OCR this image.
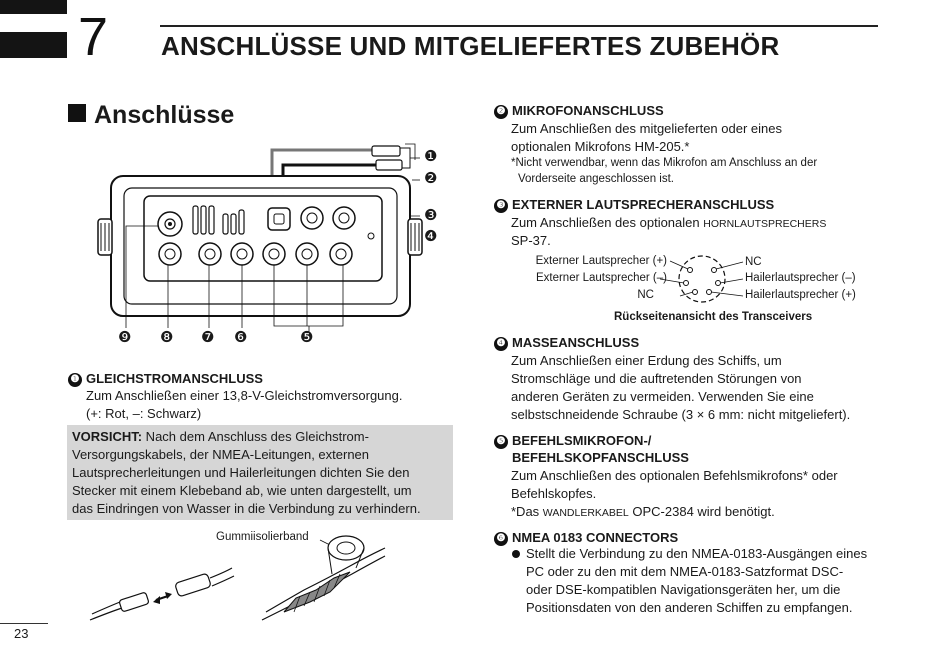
7 ANSCHLÜSSE UND MITGELIEFERTES ZUBEHÖR
Anschlüsse
❶
❷
❸
❹
❾ ❽ ❼ ❻	❺
❶ GLEICHSTROMANSCHLUSS
Zum Anschließen einer 13,8-V-Gleichstromversorgung.
(+: Rot, –: Schwarz)
VORSICHT: Nach dem Anschluss des Gleichstrom-
Versorgungskabels, der NMEA-Leitungen, externen
Lautsprecherleitungen und Hailerleitungen dichten Sie den
Stecker mit einem Klebeband ab, wie unten dargestellt, um
das Eindringen von Wasser in die Verbindung zu verhindern.
Gummiisolierband
❷ MIKROFONANSCHLUSS
Zum Anschließen des mitgelieferten oder eines
optionalen Mikrofons HM-205.*
*Nicht verwendbar, wenn das Mikrofon am Anschluss an der
Vorderseite angeschlossen ist.
❸ EXTERNER LAUTSPRECHERANSCHLUSS
Zum Anschließen des optionalen HORNLAUTSPRECHERS
SP-37.
Externer Lautsprecher (+)
Externer Lautsprecher (–)
NC
NC
Hailerlautsprecher (–)
Hailerlautsprecher (+)
Rückseitenansicht des Transceivers
❹ MASSEANSCHLUSS
Zum Anschließen einer Erdung des Schiffs, um
Stromschläge und die auftretenden Störungen von
anderen Geräten zu vermeiden. Verwenden Sie eine
selbstschneidende Schraube (3 × 6 mm: nicht mitgeliefert).
❺ BEFEHLSMIKROFON-/
BEFEHLSKOPFANSCHLUSS
Zum Anschließen des optionalen Befehlsmikrofons* oder
Befehlskopfes.
*Das WANDLERKABEL OPC-2384 wird benötigt.
❻ NMEA 0183 CONNECTORS
Stellt die Verbindung zu den NMEA-0183-Ausgängen eines
PC oder zu den mit dem NMEA-0183-Satzformat DSC-
oder DSE-kompatiblen Navigationsgeräten her, um die
Positionsdaten von den anderen Schiffen zu empfangen.
23
